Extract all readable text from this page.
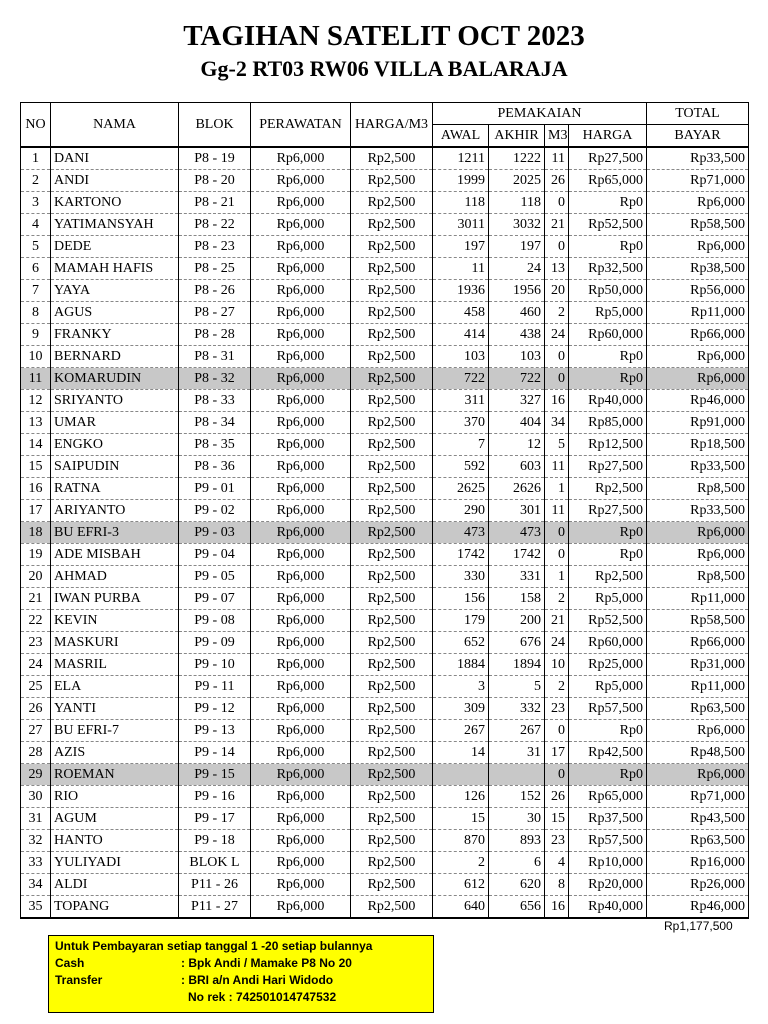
TAGIHAN SATELIT OCT 2023
Gg-2 RT03 RW06 VILLA BALARAJA
NO	NAMA	BLOK	PERAWATAN	HARGA/M3	PEMAKAIAN				TOTAL
					AWAL	AKHIR	M3	HARGA	BAYAR
1	DANI	P8 - 19	Rp6,000	Rp2,500	1211	1222	11	Rp27,500	Rp33,500
2	ANDI	P8 - 20	Rp6,000	Rp2,500	1999	2025	26	Rp65,000	Rp71,000
3	KARTONO	P8 - 21	Rp6,000	Rp2,500	118	118	0	Rp0	Rp6,000
4	YATIMANSYAH	P8 - 22	Rp6,000	Rp2,500	3011	3032	21	Rp52,500	Rp58,500
5	DEDE	P8 - 23	Rp6,000	Rp2,500	197	197	0	Rp0	Rp6,000
6	MAMAH HAFIS	P8 - 25	Rp6,000	Rp2,500	11	24	13	Rp32,500	Rp38,500
7	YAYA	P8 - 26	Rp6,000	Rp2,500	1936	1956	20	Rp50,000	Rp56,000
8	AGUS	P8 - 27	Rp6,000	Rp2,500	458	460	2	Rp5,000	Rp11,000
9	FRANKY	P8 - 28	Rp6,000	Rp2,500	414	438	24	Rp60,000	Rp66,000
10	BERNARD	P8 - 31	Rp6,000	Rp2,500	103	103	0	Rp0	Rp6,000
11	KOMARUDIN	P8 - 32	Rp6,000	Rp2,500	722	722	0	Rp0	Rp6,000
12	SRIYANTO	P8 - 33	Rp6,000	Rp2,500	311	327	16	Rp40,000	Rp46,000
13	UMAR	P8 - 34	Rp6,000	Rp2,500	370	404	34	Rp85,000	Rp91,000
14	ENGKO	P8 - 35	Rp6,000	Rp2,500	7	12	5	Rp12,500	Rp18,500
15	SAIPUDIN	P8 - 36	Rp6,000	Rp2,500	592	603	11	Rp27,500	Rp33,500
16	RATNA	P9 - 01	Rp6,000	Rp2,500	2625	2626	1	Rp2,500	Rp8,500
17	ARIYANTO	P9 - 02	Rp6,000	Rp2,500	290	301	11	Rp27,500	Rp33,500
18	BU EFRI-3	P9 - 03	Rp6,000	Rp2,500	473	473	0	Rp0	Rp6,000
19	ADE MISBAH	P9 - 04	Rp6,000	Rp2,500	1742	1742	0	Rp0	Rp6,000
20	AHMAD	P9 - 05	Rp6,000	Rp2,500	330	331	1	Rp2,500	Rp8,500
21	IWAN PURBA	P9 - 07	Rp6,000	Rp2,500	156	158	2	Rp5,000	Rp11,000
22	KEVIN	P9 - 08	Rp6,000	Rp2,500	179	200	21	Rp52,500	Rp58,500
23	MASKURI	P9 - 09	Rp6,000	Rp2,500	652	676	24	Rp60,000	Rp66,000
24	MASRIL	P9 - 10	Rp6,000	Rp2,500	1884	1894	10	Rp25,000	Rp31,000
25	ELA	P9 - 11	Rp6,000	Rp2,500	3	5	2	Rp5,000	Rp11,000
26	YANTI	P9 - 12	Rp6,000	Rp2,500	309	332	23	Rp57,500	Rp63,500
27	BU EFRI-7	P9 - 13	Rp6,000	Rp2,500	267	267	0	Rp0	Rp6,000
28	AZIS	P9 - 14	Rp6,000	Rp2,500	14	31	17	Rp42,500	Rp48,500
29	ROEMAN	P9 - 15	Rp6,000	Rp2,500			0	Rp0	Rp6,000
30	RIO	P9 - 16	Rp6,000	Rp2,500	126	152	26	Rp65,000	Rp71,000
31	AGUM	P9 - 17	Rp6,000	Rp2,500	15	30	15	Rp37,500	Rp43,500
32	HANTO	P9 - 18	Rp6,000	Rp2,500	870	893	23	Rp57,500	Rp63,500
33	YULIYADI	BLOK L	Rp6,000	Rp2,500	2	6	4	Rp10,000	Rp16,000
34	ALDI	P11 - 26	Rp6,000	Rp2,500	612	620	8	Rp20,000	Rp26,000
35	TOPANG	P11 - 27	Rp6,000	Rp2,500	640	656	16	Rp40,000	Rp46,000
Rp1,177,500
Untuk Pembayaran setiap tanggal 1 -20 setiap bulannya
Cash	: Bpk Andi / Mamake P8 No 20
Transfer	: BRI a/n Andi Hari Widodo
No rek : 742501014747532
